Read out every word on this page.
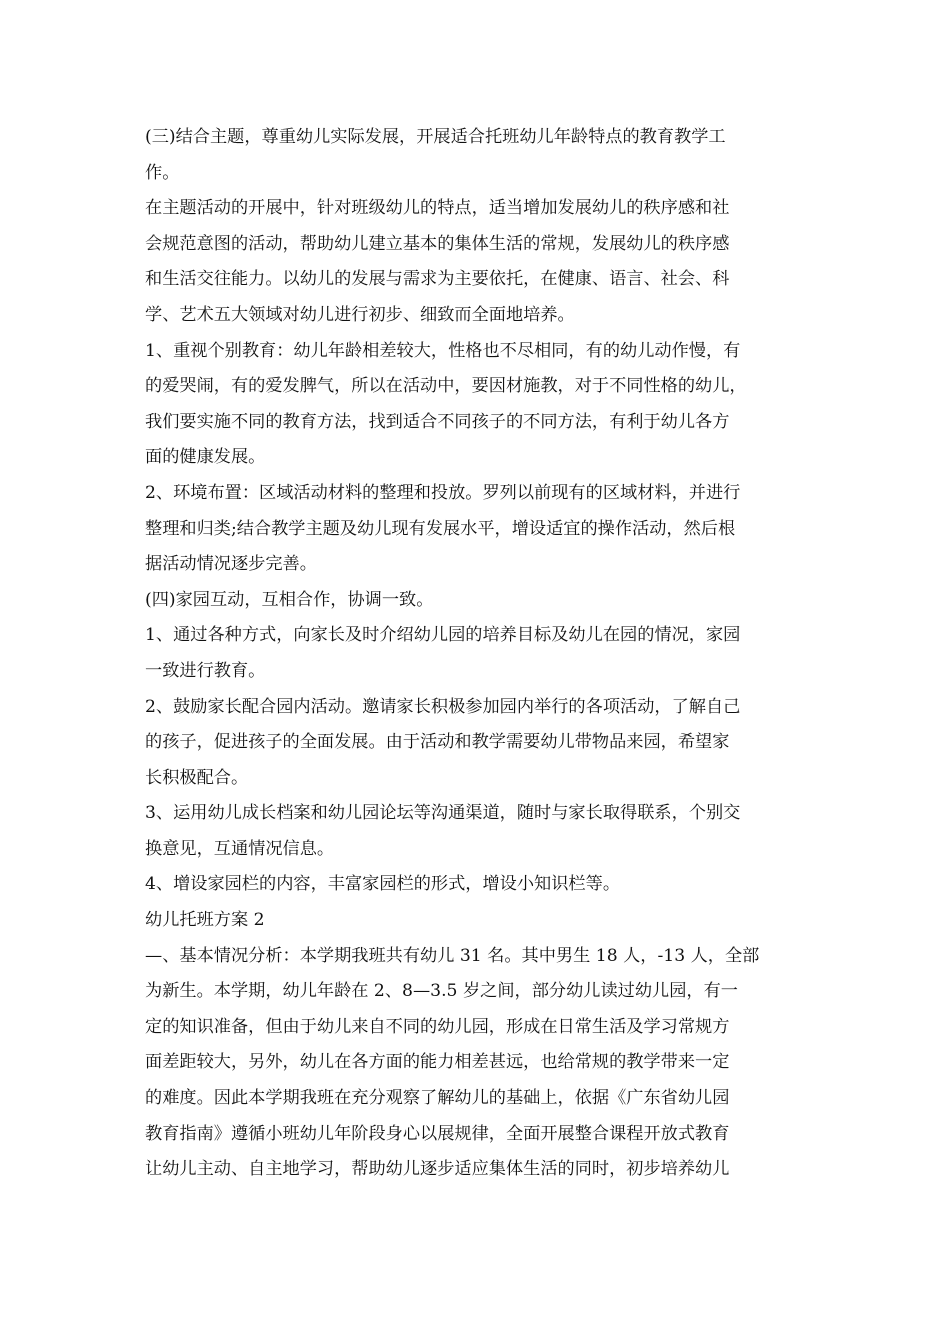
(三)结合主题，尊重幼儿实际发展，开展适合托班幼儿年龄特点的教育教学工
作。
在主题活动的开展中，针对班级幼儿的特点，适当增加发展幼儿的秩序感和社
会规范意图的活动，帮助幼儿建立基本的集体生活的常规，发展幼儿的秩序感
和生活交往能力。以幼儿的发展与需求为主要依托，在健康、语言、社会、科
学、艺术五大领域对幼儿进行初步、细致而全面地培养。
1、重视个别教育：幼儿年龄相差较大，性格也不尽相同，有的幼儿动作慢，有
的爱哭闹，有的爱发脾气，所以在活动中，要因材施教，对于不同性格的幼儿，
我们要实施不同的教育方法，找到适合不同孩子的不同方法，有利于幼儿各方
面的健康发展。
2、环境布置：区域活动材料的整理和投放。罗列以前现有的区域材料，并进行
整理和归类;结合教学主题及幼儿现有发展水平，增设适宜的操作活动，然后根
据活动情况逐步完善。
(四)家园互动，互相合作，协调一致。
1、通过各种方式，向家长及时介绍幼儿园的培养目标及幼儿在园的情况，家园
一致进行教育。
2、鼓励家长配合园内活动。邀请家长积极参加园内举行的各项活动，了解自己
的孩子，促进孩子的全面发展。由于活动和教学需要幼儿带物品来园，希望家
长积极配合。
3、运用幼儿成长档案和幼儿园论坛等沟通渠道，随时与家长取得联系，个别交
换意见，互通情况信息。
4、增设家园栏的内容，丰富家园栏的形式，增设小知识栏等。
幼儿托班方案 2
—、基本情况分析：本学期我班共有幼儿 31 名。其中男生 18 人，-13 人，全部
为新生。本学期，幼儿年龄在 2、8—3.5 岁之间，部分幼儿读过幼儿园，有一
定的知识准备，但由于幼儿来自不同的幼儿园，形成在日常生活及学习常规方
面差距较大，另外，幼儿在各方面的能力相差甚远，也给常规的教学带来一定
的难度。因此本学期我班在充分观察了解幼儿的基础上，依据《广东省幼儿园
教育指南》遵循小班幼儿年阶段身心以展规律，全面开展整合课程开放式教育
让幼儿主动、自主地学习，帮助幼儿逐步适应集体生活的同时，初步培养幼儿
